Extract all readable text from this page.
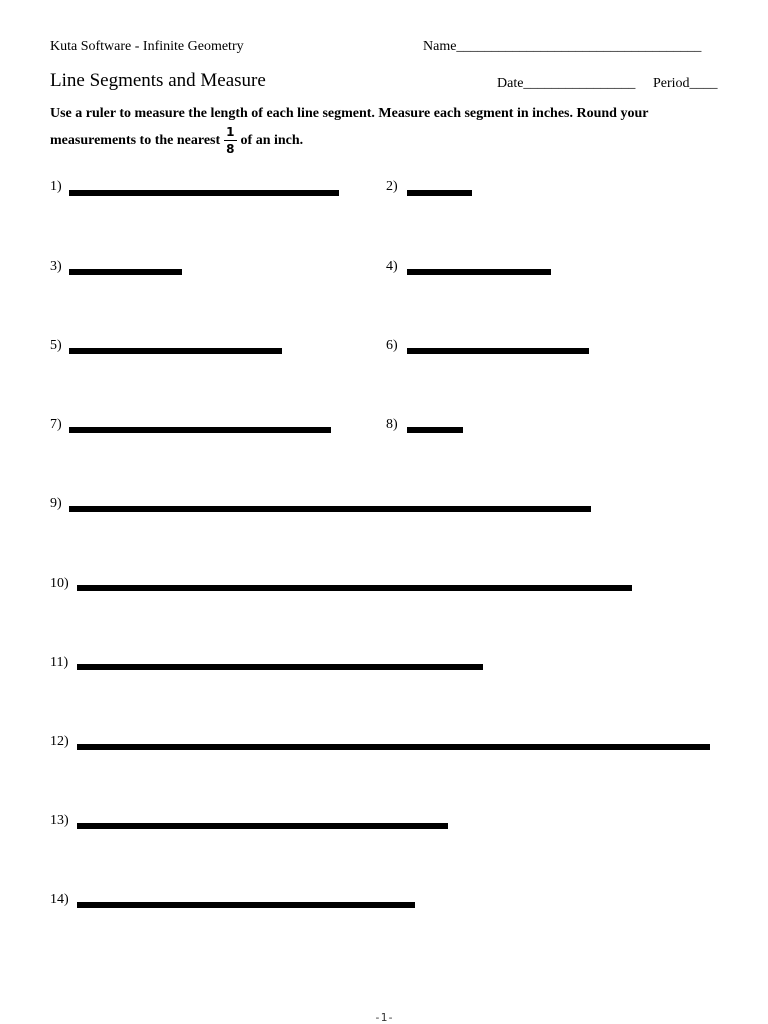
Kuta Software - Infinite Geometry	Name___________________________________
Line Segments and Measure	Date________________ Period____
Use a ruler to measure the length of each line segment. Measure each segment in inches. Round your
measurements to the nearest $\frac{1}{8}$ of an inch.
1)	2)
3)	4)
5)	6)
7)	8)
9)
10)
11)
12)
13)
14)
-1-
